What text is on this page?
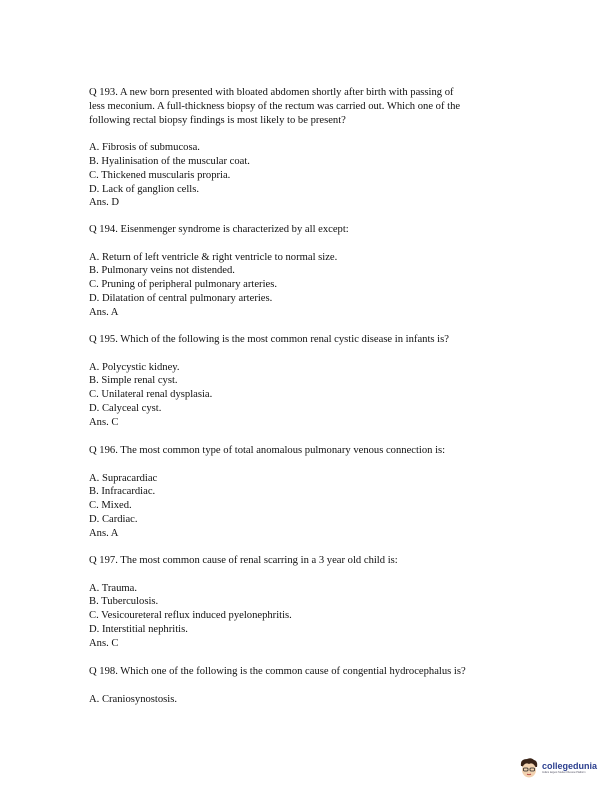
Q 193. A new born presented with bloated abdomen shortly after birth with passing of

less meconium. A full-thickness biopsy of the rectum was carried out. Which one of the

following rectal biopsy findings is most likely to be present?

A. Fibrosis of submucosa.

B. Hyalinisation of the muscular coat.

C. Thickened muscularis propria.

D. Lack of ganglion cells.

Ans. D

Q 194. Eisenmenger syndrome is characterized by all except:

A. Return of left ventricle & right ventricle to normal size.

B. Pulmonary veins not distended.

C. Pruning of peripheral pulmonary arteries.

D. Dilatation of central pulmonary arteries.

Ans. A

Q 195. Which of the following is the most common renal cystic disease in infants is?

A. Polycystic kidney.

B. Simple renal cyst.

C. Unilateral renal dysplasia.

D. Calyceal cyst.

Ans. C

Q 196. The most common type of total anomalous pulmonary venous connection is:

A. Supracardiac

B. Infracardiac.

C. Mixed.

D. Cardiac.

Ans. A

Q 197. The most common cause of renal scarring in a 3 year old child is:

A. Trauma.

B. Tuberculosis.

C. Vesicoureteral reflux induced pyelonephritis.

D. Interstitial nephritis.

Ans. C

Q 198. Which one of the following is the common cause of congential hydrocephalus is?

A. Craniosynostosis.

collegedunia
India's largest Student Review Platform
